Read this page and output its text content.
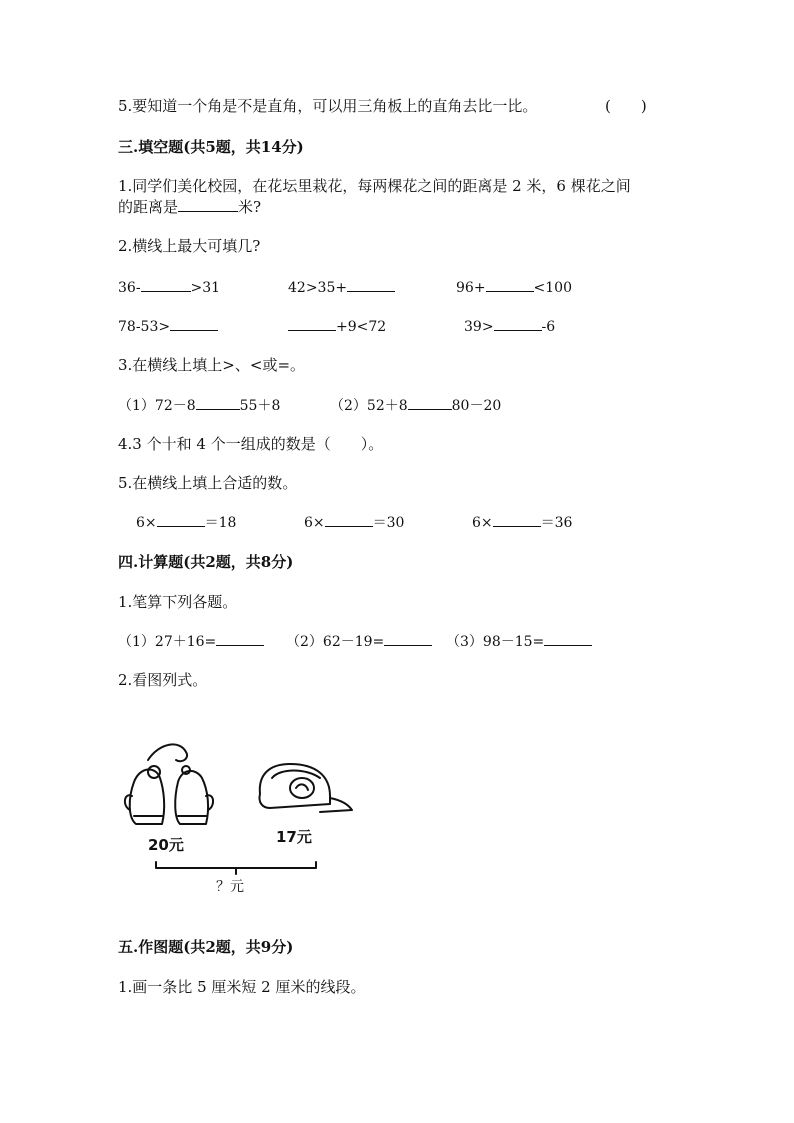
5.要知道一个角是不是直角，可以用三角板上的直角去比一比。	(　　)
三.填空题(共5题，共14分)
1.同学们美化校园，在花坛里栽花，每两棵花之间的距离是 2 米，6 棵花之间
的距离是	米?
2.横线上最大可填几?
36-	>31	42>35+	96+	<100
78-53>	+9<72	39>	-6
3.在横线上填上>、<或=。
（1）72－8	55＋8	（2）52＋8	80－20
4.3 个十和 4 个一组成的数是（　　）。
5.在横线上填上合适的数。
6×	＝18	6×	＝30	6×	＝36
四.计算题(共2题，共8分)
1.笔算下列各题。
（1）27＋16=	（2）62－19=	（3）98－15=
2.看图列式。
20元	17元
？元
五.作图题(共2题，共9分)
1.画一条比 5 厘米短 2 厘米的线段。
